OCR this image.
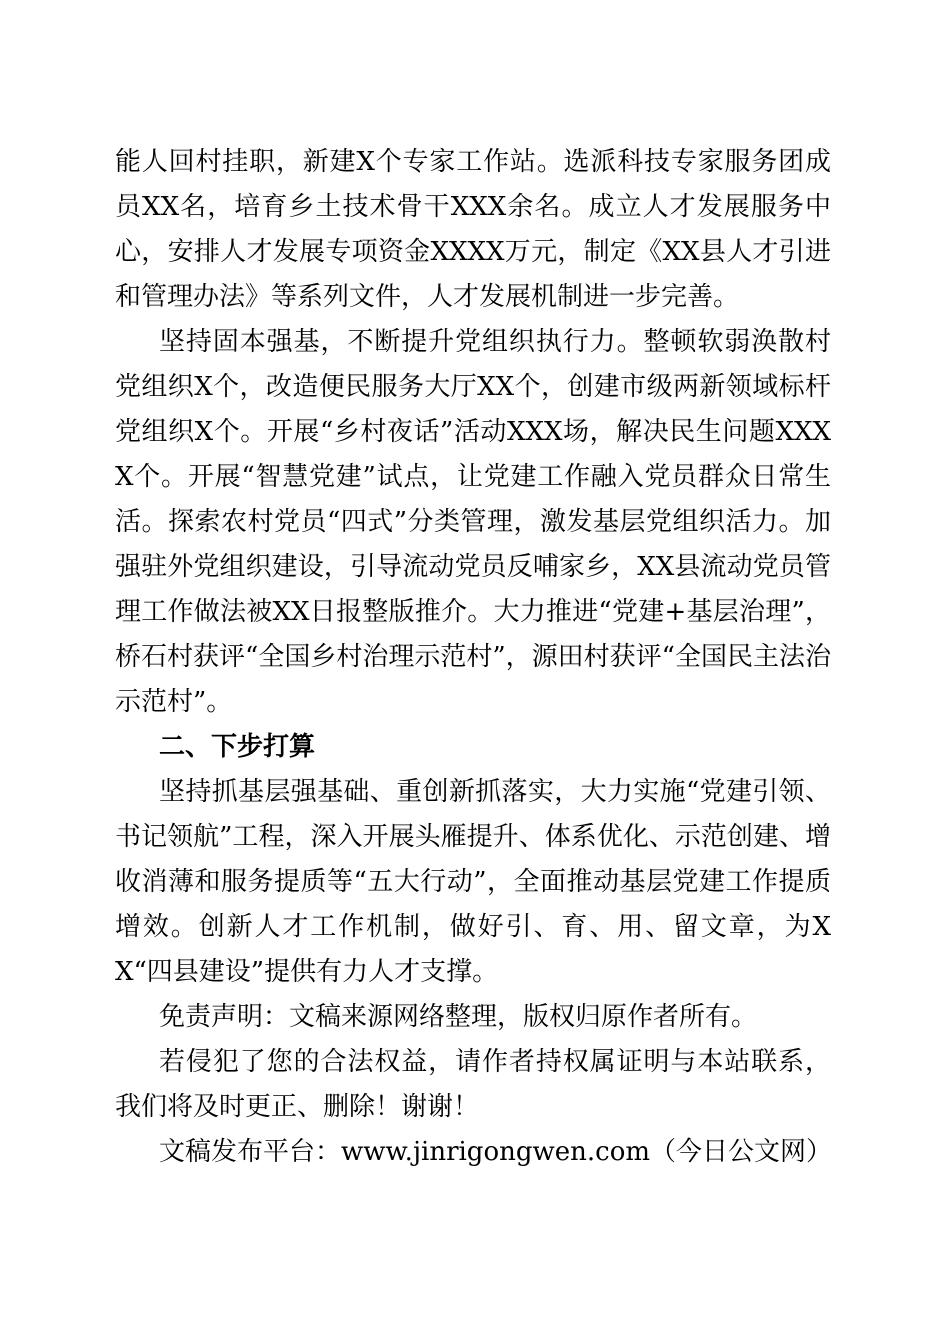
能人回村挂职，新建X个专家工作站。选派科技专家服务团成员XX名，培育乡土技术骨干XXX余名。成立人才发展服务中心，安排人才发展专项资金XXXX万元，制定《XX县人才引进和管理办法》等系列文件，人才发展机制进一步完善。

坚持固本强基，不断提升党组织执行力。整顿软弱涣散村党组织X个，改造便民服务大厅XX个，创建市级两新领域标杆党组织X个。开展“乡村夜话”活动XXX场，解决民生问题XXXX个。开展“智慧党建”试点，让党建工作融入党员群众日常生活。探索农村党员“四式”分类管理，激发基层党组织活力。加强驻外党组织建设，引导流动党员反哺家乡，XX县流动党员管理工作做法被XX日报整版推介。大力推进“党建+基层治理”，桥石村获评“全国乡村治理示范村”，源田村获评“全国民主法治示范村”。

二、下步打算

坚持抓基层强基础、重创新抓落实，大力实施“党建引领、书记领航”工程，深入开展头雁提升、体系优化、示范创建、增收消薄和服务提质等“五大行动”，全面推动基层党建工作提质增效。创新人才工作机制，做好引、育、用、留文章，为XX“四县建设”提供有力人才支撑。

免责声明：文稿来源网络整理，版权归原作者所有。

若侵犯了您的合法权益，请作者持权属证明与本站联系，我们将及时更正、删除！谢谢！

文稿发布平台：www.jinrigongwen.com（今日公文网）
